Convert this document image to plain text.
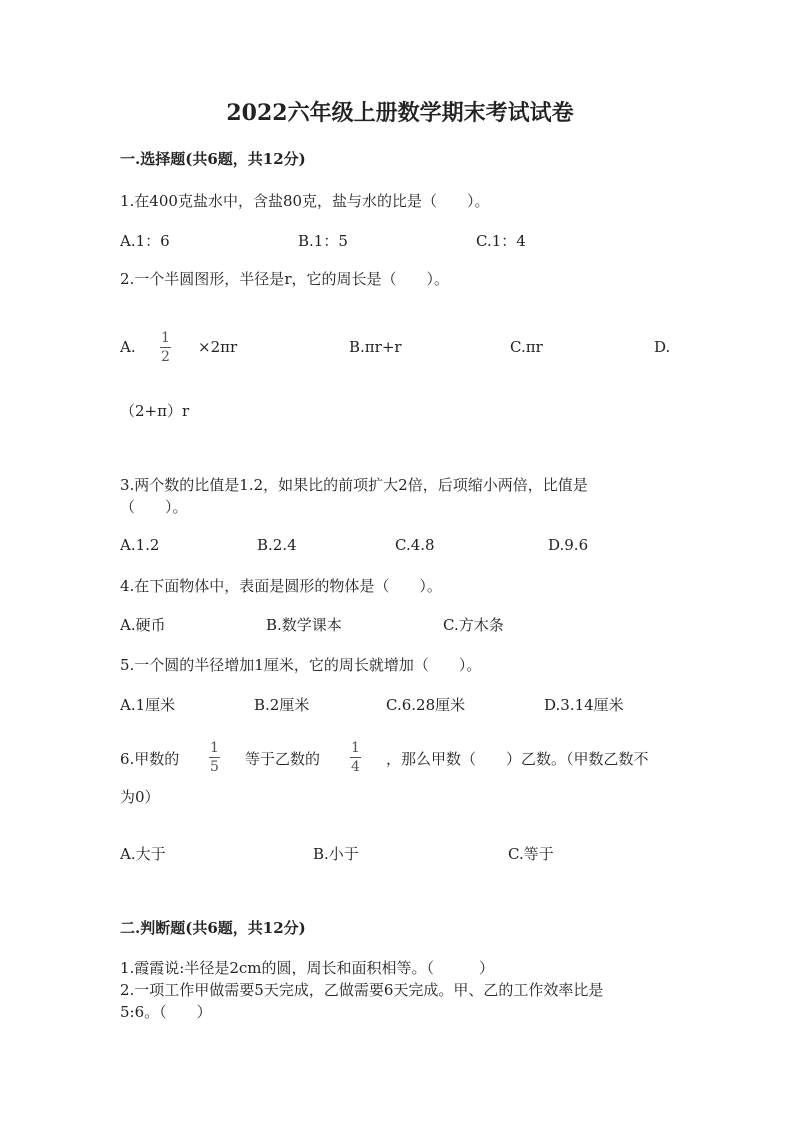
2022六年级上册数学期末考试试卷
一.选择题(共6题，共12分)
1.在400克盐水中，含盐80克，盐与水的比是（　　）。
A.1：6	B.1：5	C.1：4
2.一个半圆图形，半径是r，它的周长是（　　）。
A. 1
2
×2πr	B.πr+r	C.πr	D.
（2+π）r
3.两个数的比值是1.2，如果比的前项扩大2倍，后项缩小两倍，比值是
（　　）。
A.1.2	B.2.4	C.4.8	D.9.6
4.在下面物体中，表面是圆形的物体是（　　）。
A.硬币	B.数学课本	C.方木条
5.一个圆的半径增加1厘米，它的周长就增加（　　）。
A.1厘米	B.2厘米	C.6.28厘米	D.3.14厘米
6.甲数的
1
5 等于乙数的
1
4 ，那么甲数（　　）乙数。（甲数乙数不
为0）
A.大于	B.小于	C.等于
二.判断题(共6题，共12分)
1.霞霞说:半径是2cm的圆，周长和面积相等。（　　　）
2.一项工作甲做需要5天完成，乙做需要6天完成。甲、乙的工作效率比是
5:6。（　　）
